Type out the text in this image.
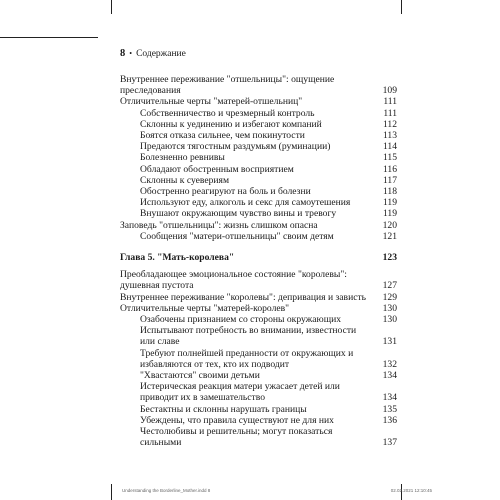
8 • Содержание
Внутреннее переживание "отшельницы": ощущение преследования	109
Отличительные черты "матерей-отшельниц"	111
Собственничество и чрезмерный контроль	111
Склонны к уединению и избегают компаний	112
Боятся отказа сильнее, чем покинутости	113
Предаются тягостным раздумьям (руминации)	114
Болезненно ревнивы	115
Обладают обостренным восприятием	116
Склонны к суевериям	117
Обостренно реагируют на боль и болезни	118
Используют еду, алкоголь и секс для самоутешения	119
Внушают окружающим чувство вины и тревогу	119
Заповедь "отшельницы": жизнь слишком опасна	120
Сообщения "матери-отшельницы" своим детям	121
Глава 5. "Мать-королева"	123
Преобладающее эмоциональное состояние "королевы": душевная пустота	127
Внутреннее переживание "королевы": депривация и зависть	129
Отличительные черты "матерей-королев"	130
Озабочены признанием со стороны окружающих	130
Испытывают потребность во внимании, известности или славе	131
Требуют полнейшей преданности от окружающих и избавляются от тех, кто их подводит	132
"Хвастаются" своими детьми	134
Истерическая реакция матери ужасает детей или приводит их в замешательство	134
Бестактны и склонны нарушать границы	135
Убеждены, что правила существуют не для них	136
Честолюбивы и решительны; могут показаться сильными	137
Understanding the Borderline_Mother.indd 8	02.02.2021 12:10:45
